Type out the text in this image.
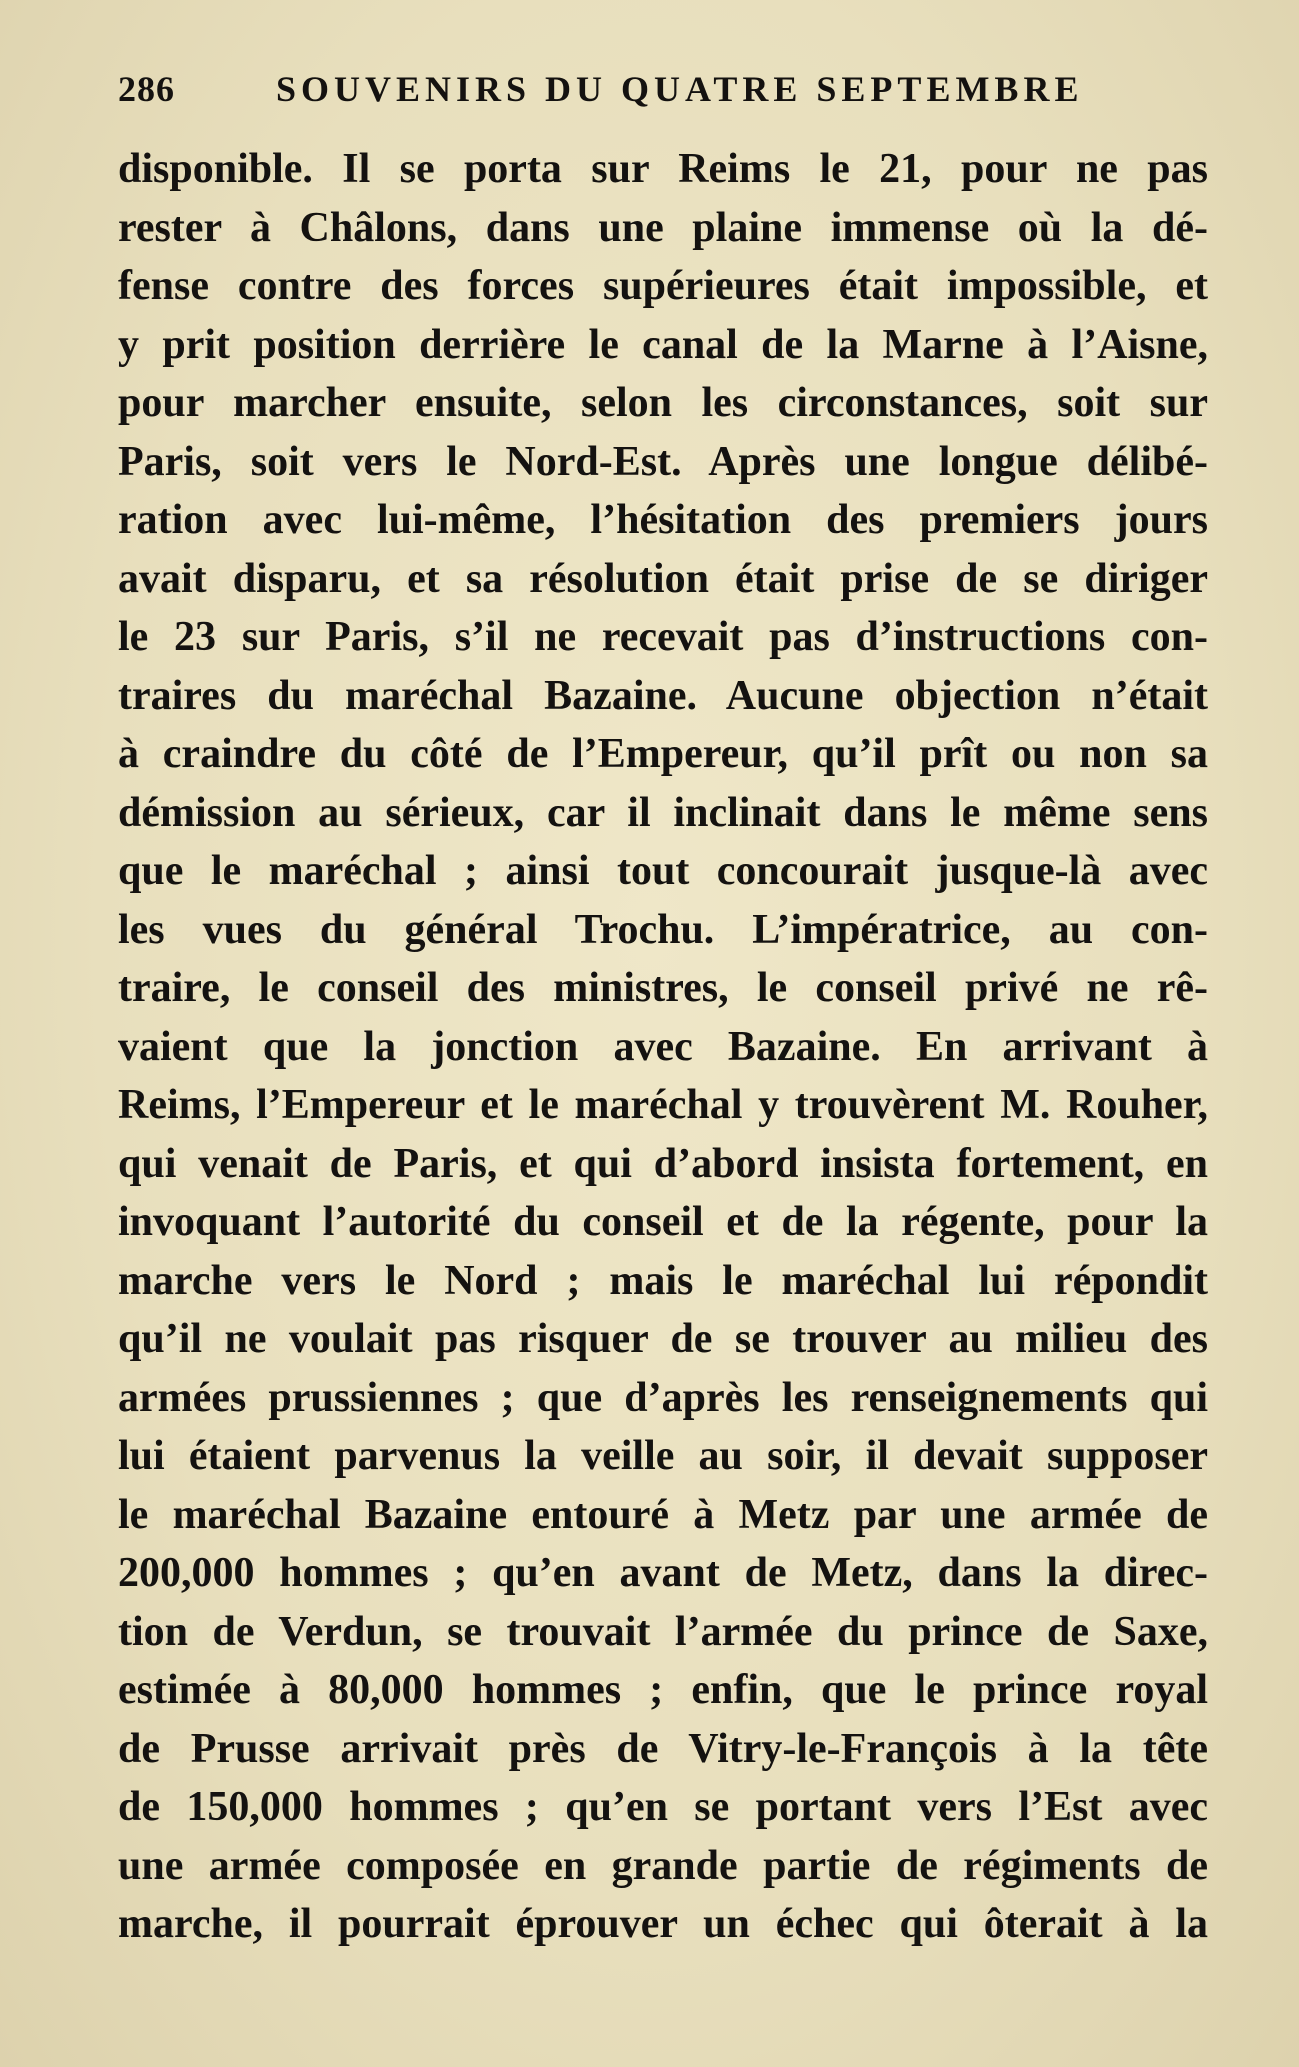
286	SOUVENIRS DU QUATRE SEPTEMBRE
disponible. Il se porta sur Reims le 21, pour ne pas
rester à Châlons, dans une plaine immense où la dé-
fense contre des forces supérieures était impossible, et
y prit position derrière le canal de la Marne à l’Aisne,
pour marcher ensuite, selon les circonstances, soit sur
Paris, soit vers le Nord-Est. Après une longue délibé-
ration avec lui-même, l’hésitation des premiers jours
avait disparu, et sa résolution était prise de se diriger
le 23 sur Paris, s’il ne recevait pas d’instructions con-
traires du maréchal Bazaine. Aucune objection n’était
à craindre du côté de l’Empereur, qu’il prît ou non sa
démission au sérieux, car il inclinait dans le même sens
que le maréchal ; ainsi tout concourait jusque-là avec
les vues du général Trochu. L’impératrice, au con-
traire, le conseil des ministres, le conseil privé ne rê-
vaient que la jonction avec Bazaine. En arrivant à
Reims, l’Empereur et le maréchal y trouvèrent M. Rouher,
qui venait de Paris, et qui d’abord insista fortement, en
invoquant l’autorité du conseil et de la régente, pour la
marche vers le Nord ; mais le maréchal lui répondit
qu’il ne voulait pas risquer de se trouver au milieu des
armées prussiennes ; que d’après les renseignements qui
lui étaient parvenus la veille au soir, il devait supposer
le maréchal Bazaine entouré à Metz par une armée de
200,000 hommes ; qu’en avant de Metz, dans la direc-
tion de Verdun, se trouvait l’armée du prince de Saxe,
estimée à 80,000 hommes ; enfin, que le prince royal
de Prusse arrivait près de Vitry-le-François à la tête
de 150,000 hommes ; qu’en se portant vers l’Est avec
une armée composée en grande partie de régiments de
marche, il pourrait éprouver un échec qui ôterait à la
